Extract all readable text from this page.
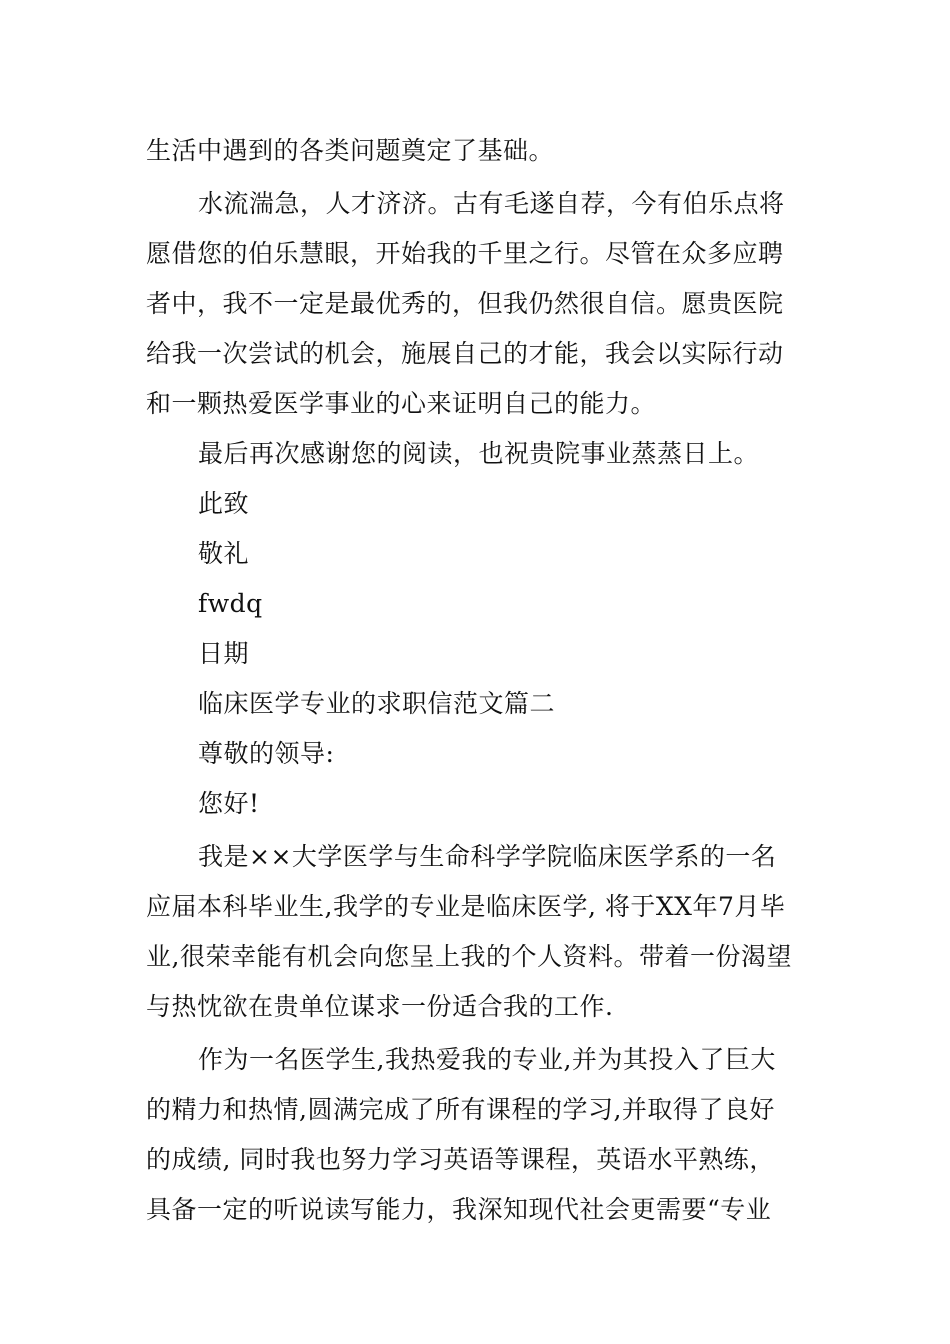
生活中遇到的各类问题奠定了基础。
水流湍急，人才济济。古有毛遂自荐，今有伯乐点将
愿借您的伯乐慧眼，开始我的千里之行。尽管在众多应聘
者中，我不一定是最优秀的，但我仍然很自信。愿贵医院
给我一次尝试的机会，施展自己的才能，我会以实际行动
和一颗热爱医学事业的心来证明自己的能力。
最后再次感谢您的阅读，也祝贵院事业蒸蒸日上。
此致
敬礼
fwdq
日期
临床医学专业的求职信范文篇二
尊敬的领导:
您好!
我是××大学医学与生命科学学院临床医学系的一名
应届本科毕业生,我学的专业是临床医学, 将于XX年7月毕
业,很荣幸能有机会向您呈上我的个人资料。带着一份渴望
与热忱欲在贵单位谋求一份适合我的工作.
作为一名医学生,我热爱我的专业,并为其投入了巨大
的精力和热情,圆满完成了所有课程的学习,并取得了良好
的成绩, 同时我也努力学习英语等课程，英语水平熟练，
具备一定的听说读写能力，我深知现代社会更需要“专业
